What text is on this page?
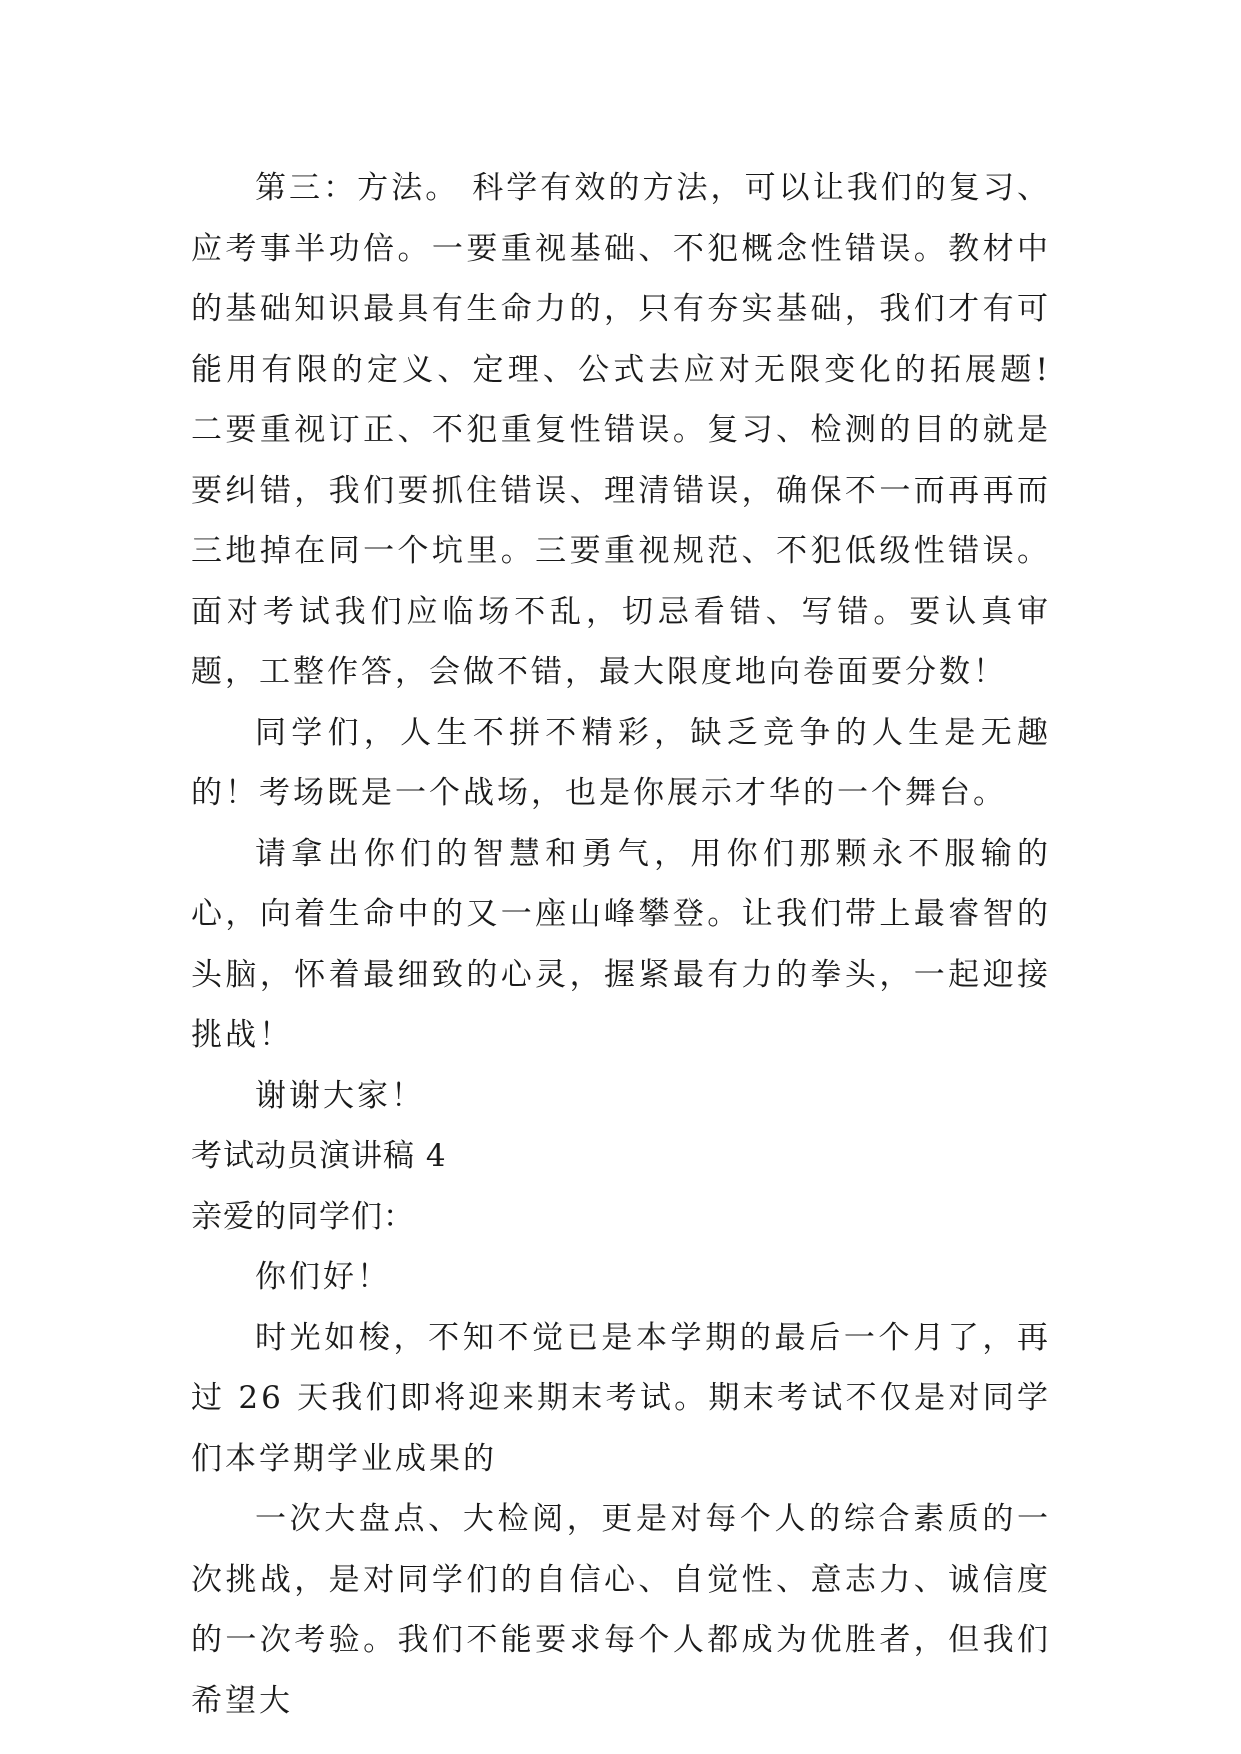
第三：方法。 科学有效的方法，可以让我们的复习、应考事半功倍。一要重视基础、不犯概念性错误。教材中的基础知识最具有生命力的，只有夯实基础，我们才有可能用有限的定义、定理、公式去应对无限变化的拓展题!二要重视订正、不犯重复性错误。复习、检测的目的就是要纠错，我们要抓住错误、理清错误，确保不一而再再而三地掉在同一个坑里。三要重视规范、不犯低级性错误。面对考试我们应临场不乱，切忌看错、写错。要认真审题，工整作答，会做不错，最大限度地向卷面要分数！

同学们，人生不拼不精彩，缺乏竞争的人生是无趣的！考场既是一个战场，也是你展示才华的一个舞台。

请拿出你们的智慧和勇气，用你们那颗永不服输的心，向着生命中的又一座山峰攀登。让我们带上最睿智的头脑，怀着最细致的心灵，握紧最有力的拳头，一起迎接挑战！

谢谢大家！

考试动员演讲稿 4

亲爱的同学们：

你们好！

时光如梭，不知不觉已是本学期的最后一个月了，再过 26 天我们即将迎来期末考试。期末考试不仅是对同学们本学期学业成果的

一次大盘点、大检阅，更是对每个人的综合素质的一次挑战，是对同学们的自信心、自觉性、意志力、诚信度的一次考验。我们不能要求每个人都成为优胜者，但我们希望大
